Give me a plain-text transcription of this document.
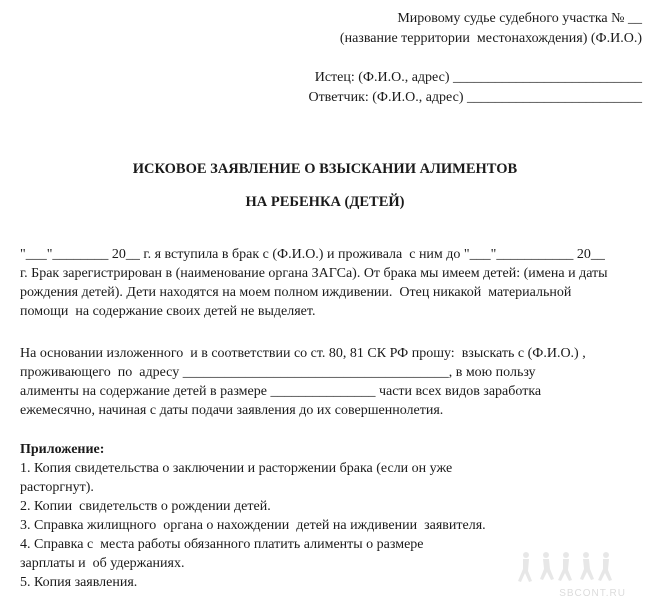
Мировому судье судебного участка № __
(название территории  местонахождения) (Ф.И.О.)
Истец: (Ф.И.О., адрес) ___________________________
Ответчик: (Ф.И.О., адрес) _________________________
ИСКОВОЕ ЗАЯВЛЕНИЕ О ВЗЫСКАНИИ АЛИМЕНТОВ
НА РЕБЕНКА (ДЕТЕЙ)
"___"________ 20__ г. я вступила в брак с (Ф.И.О.) и проживала  с ним до "___"___________ 20__
г. Брак зарегистрирован в (наименование органа ЗАГСа). От брака мы имеем детей: (имена и даты
рождения детей). Дети находятся на моем полном иждивении.  Отец никакой  материальной
помощи  на содержание своих детей не выделяет.
На основании изложенного  и в соответствии со ст. 80, 81 СК РФ прошу:  взыскать с (Ф.И.О.) ,
проживающего  по  адресу ______________________________________, в мою пользу
алименты на содержание детей в размере _______________ части всех видов заработка
ежемесячно, начиная с даты подачи заявления до их совершеннолетия.
Приложение:
1. Копия свидетельства о заключении и расторжении брака (если он уже
расторгнут).
2. Копии  свидетельств о рождении детей.
3. Справка жилищного  органа о нахождении  детей на иждивении  заявителя.
4. Справка с  места работы обязанного платить алименты о размере
зарплаты и  об удержаниях.
5. Копия заявления.
SBCONT.RU
